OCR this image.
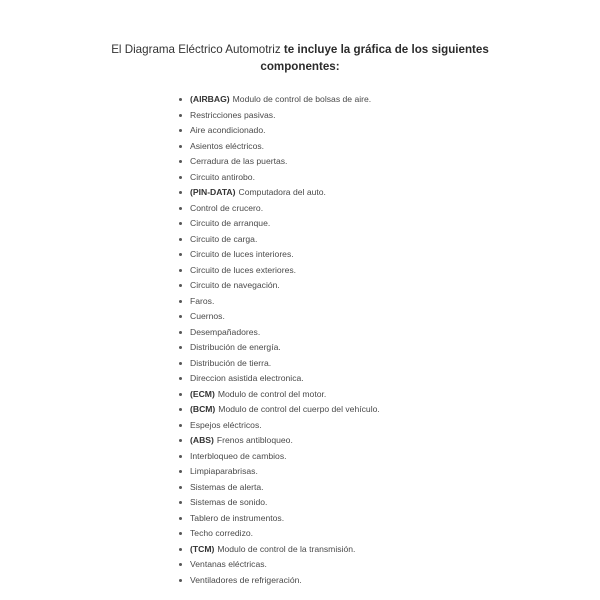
El Diagrama Eléctrico Automotriz te incluye la gráfica de los siguientes
componentes:
(AIRBAG) Modulo de control de bolsas de aire.
Restricciones pasivas.
Aire acondicionado.
Asientos eléctricos.
Cerradura de las puertas.
Circuito antirobo.
(PIN-DATA) Computadora del auto.
Control de crucero.
Circuito de arranque.
Circuito de carga.
Circuito de luces interiores.
Circuito de luces exteriores.
Circuito de navegación.
Faros.
Cuernos.
Desempañadores.
Distribución de energía.
Distribución de tierra.
Direccion asistida electronica.
(ECM) Modulo de control del motor.
(BCM) Modulo de control del cuerpo del vehículo.
Espejos eléctricos.
(ABS) Frenos antibloqueo.
Interbloqueo de cambios.
Limpiaparabrisas.
Sistemas de alerta.
Sistemas de sonido.
Tablero de instrumentos.
Techo corredizo.
(TCM) Modulo de control de la transmisión.
Ventanas eléctricas.
Ventiladores de refrigeración.
